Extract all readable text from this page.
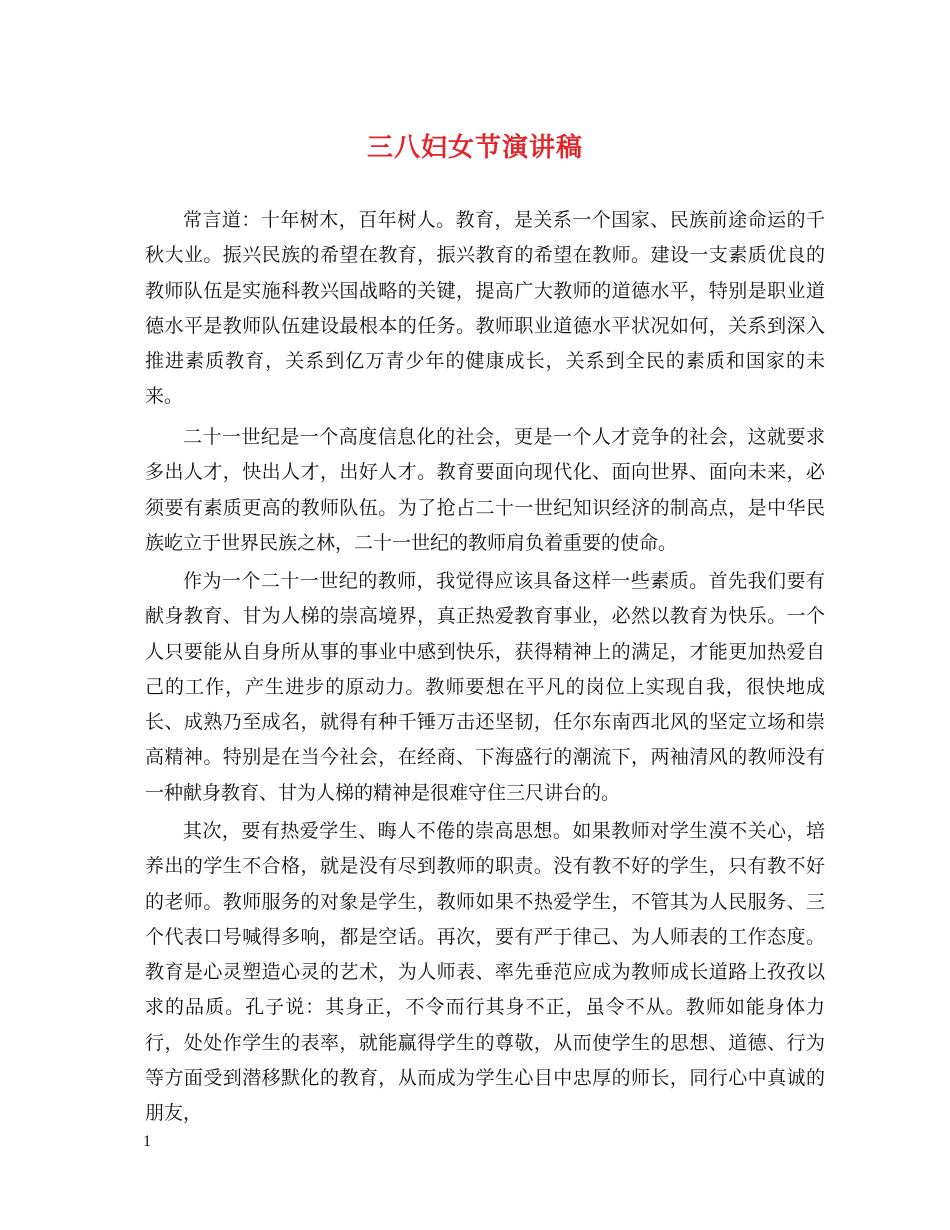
三八妇女节演讲稿

常言道：十年树木，百年树人。教育，是关系一个国家、民族前途命运的千秋大业。振兴民族的希望在教育，振兴教育的希望在教师。建设一支素质优良的教师队伍是实施科教兴国战略的关键，提高广大教师的道德水平，特别是职业道德水平是教师队伍建设最根本的任务。教师职业道德水平状况如何，关系到深入推进素质教育，关系到亿万青少年的健康成长，关系到全民的素质和国家的未来。

二十一世纪是一个高度信息化的社会，更是一个人才竞争的社会，这就要求多出人才，快出人才，出好人才。教育要面向现代化、面向世界、面向未来，必须要有素质更高的教师队伍。为了抢占二十一世纪知识经济的制高点，是中华民族屹立于世界民族之林，二十一世纪的教师肩负着重要的使命。

作为一个二十一世纪的教师，我觉得应该具备这样一些素质。首先我们要有献身教育、甘为人梯的崇高境界，真正热爱教育事业，必然以教育为快乐。一个人只要能从自身所从事的事业中感到快乐，获得精神上的满足，才能更加热爱自己的工作，产生进步的原动力。教师要想在平凡的岗位上实现自我，很快地成长、成熟乃至成名，就得有种千锤万击还坚韧，任尔东南西北风的坚定立场和崇高精神。特别是在当今社会，在经商、下海盛行的潮流下，两袖清风的教师没有一种献身教育、甘为人梯的精神是很难守住三尺讲台的。

其次，要有热爱学生、晦人不倦的崇高思想。如果教师对学生漠不关心，培养出的学生不合格，就是没有尽到教师的职责。没有教不好的学生，只有教不好的老师。教师服务的对象是学生，教师如果不热爱学生，不管其为人民服务、三个代表口号喊得多响，都是空话。再次，要有严于律己、为人师表的工作态度。教育是心灵塑造心灵的艺术，为人师表、率先垂范应成为教师成长道路上孜孜以求的品质。孔子说：其身正，不令而行其身不正，虽令不从。教师如能身体力行，处处作学生的表率，就能赢得学生的尊敬，从而使学生的思想、道德、行为等方面受到潜移默化的教育，从而成为学生心目中忠厚的师长，同行心中真诚的朋友，

1
